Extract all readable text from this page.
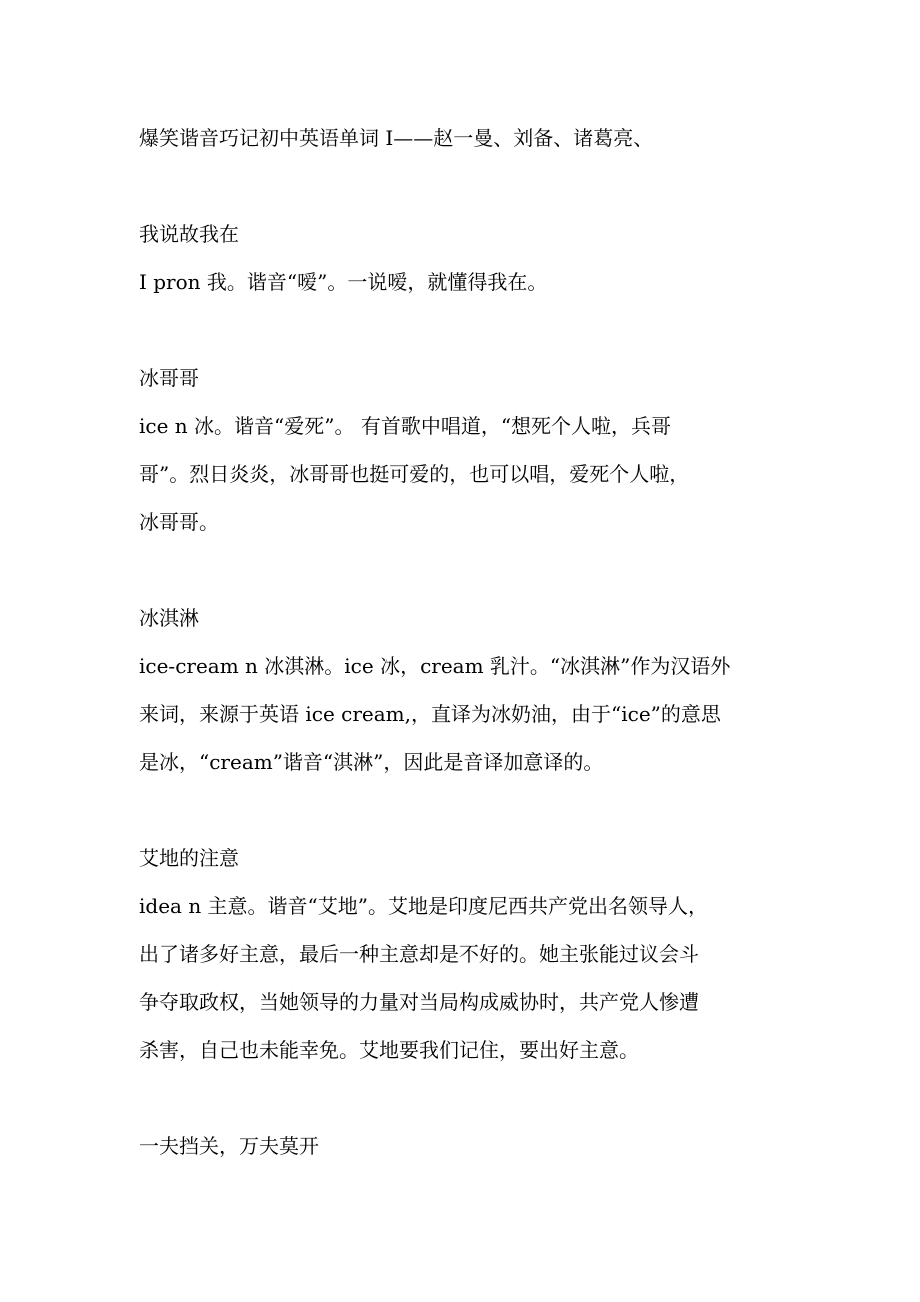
爆笑谐音巧记初中英语单词 I——赵一曼、刘备、诸葛亮、

我说故我在

I pron 我。谐音“嗳”。一说嗳，就懂得我在。

冰哥哥

ice n 冰。谐音“爱死”。 有首歌中唱道，“想死个人啦，兵哥

哥”。烈日炎炎，冰哥哥也挺可爱的，也可以唱，爱死个人啦，

冰哥哥。

冰淇淋

ice-cream n 冰淇淋。ice 冰，cream 乳汁。“冰淇淋”作为汉语外

来词，来源于英语 ice cream,，直译为冰奶油，由于“ice”的意思

是冰，“cream”谐音“淇淋”，因此是音译加意译的。

艾地的注意

idea n 主意。谐音“艾地”。艾地是印度尼西共产党出名领导人，

出了诸多好主意，最后一种主意却是不好的。她主张能过议会斗

争夺取政权，当她领导的力量对当局构成威协时，共产党人惨遭

杀害，自己也未能幸免。艾地要我们记住，要出好主意。

一夫挡关，万夫莫开
